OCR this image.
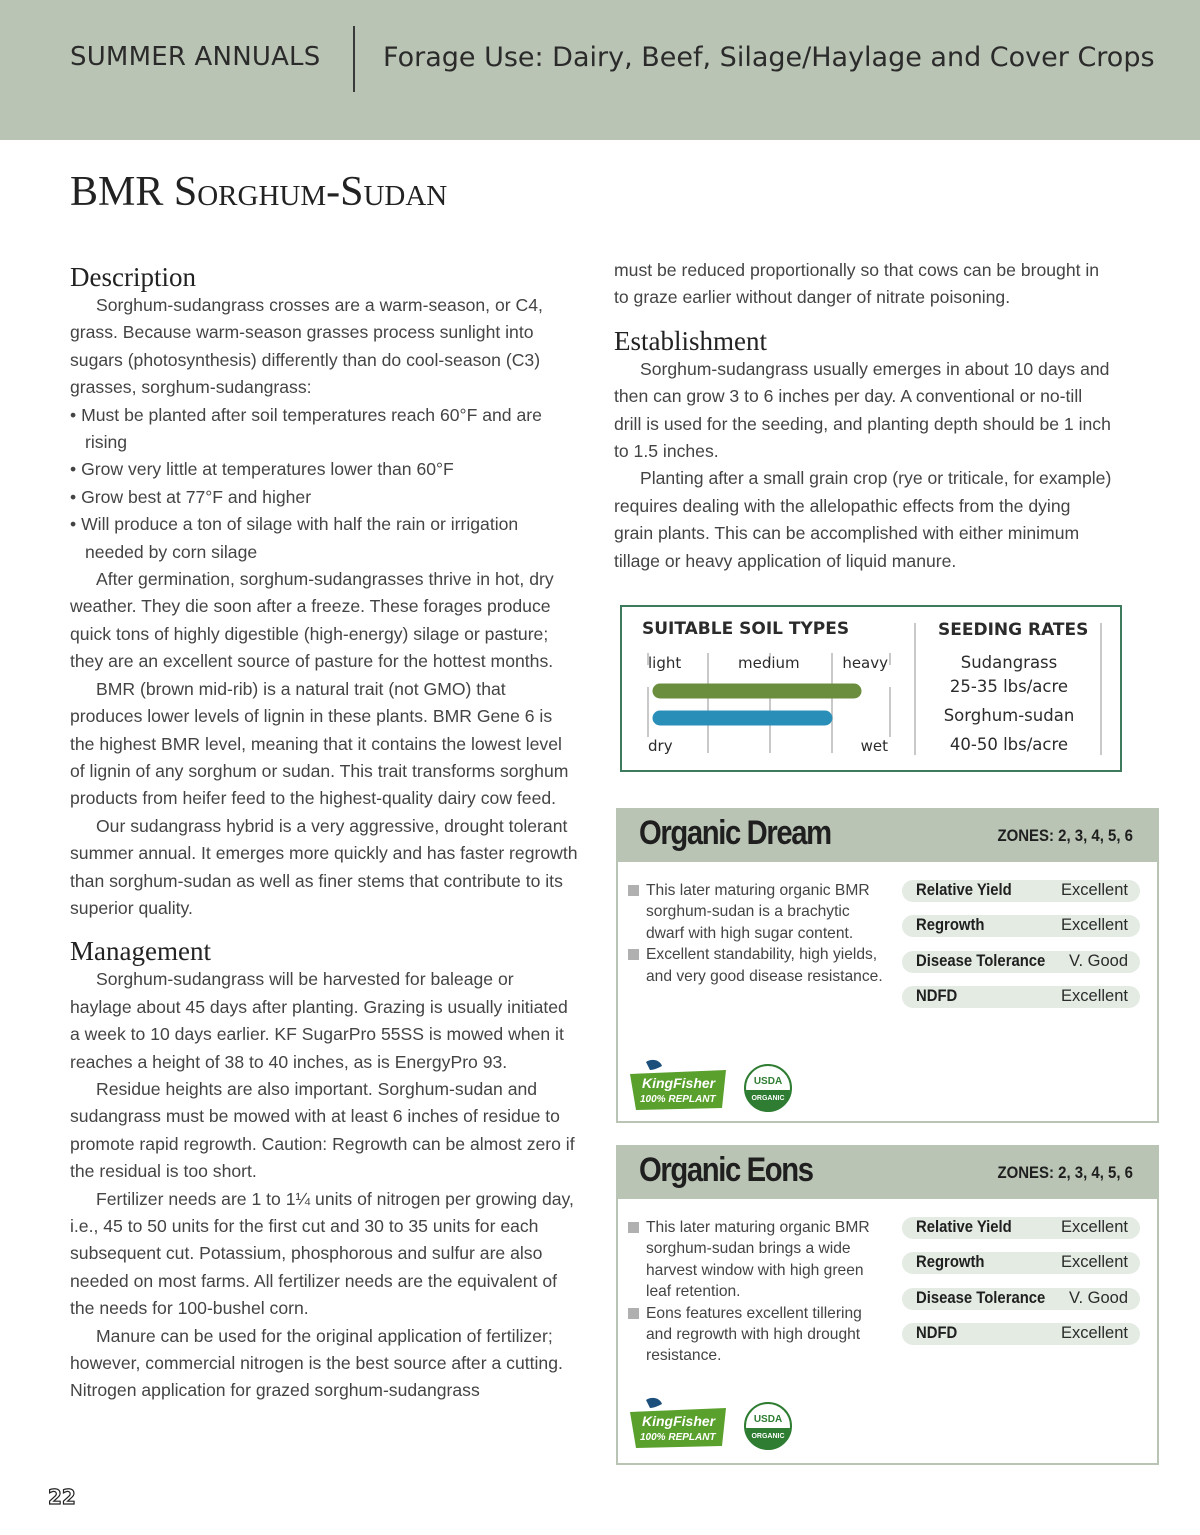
SUMMER ANNUALS Forage Use: Dairy, Beef, Silage/Haylage and Cover Crops
BMR Sorghum-Sudan
Description

Sorghum-sudangrass crosses are a warm-season, or C4, grass. Because warm-season grasses process sunlight into sugars (photosynthesis) differently than do cool-season (C3) grasses, sorghum-sudangrass:

• Must be planted after soil temperatures reach 60°F and are rising
• Grow very little at temperatures lower than 60°F
• Grow best at 77°F and higher
• Will produce a ton of silage with half the rain or irrigation needed by corn silage

After germination, sorghum-sudangrasses thrive in hot, dry weather. They die soon after a freeze. These forages produce quick tons of highly digestible (high-energy) silage or pasture; they are an excellent source of pasture for the hottest months.

BMR (brown mid-rib) is a natural trait (not GMO) that produces lower levels of lignin in these plants. BMR Gene 6 is the highest BMR level, meaning that it contains the lowest level of lignin of any sorghum or sudan. This trait transforms sorghum products from heifer feed to the highest-quality dairy cow feed.

Our sudangrass hybrid is a very aggressive, drought tolerant summer annual. It emerges more quickly and has faster regrowth than sorghum-sudan as well as finer stems that contribute to its superior quality.

Management

Sorghum-sudangrass will be harvested for baleage or haylage about 45 days after planting. Grazing is usually initiated a week to 10 days earlier. KF SugarPro 55SS is mowed when it reaches a height of 38 to 40 inches, as is EnergyPro 93.

Residue heights are also important. Sorghum-sudan and sudangrass must be mowed with at least 6 inches of residue to promote rapid regrowth. Caution: Regrowth can be almost zero if the residual is too short.

Fertilizer needs are 1 to 1¼ units of nitrogen per growing day, i.e., 45 to 50 units for the first cut and 30 to 35 units for each subsequent cut. Potassium, phosphorous and sulfur are also needed on most farms. All fertilizer needs are the equivalent of the needs for 100-bushel corn.

Manure can be used for the original application of fertilizer; however, commercial nitrogen is the best source after a cutting. Nitrogen application for grazed sorghum-sudangrass

must be reduced proportionally so that cows can be brought in to graze earlier without danger of nitrate poisoning.

Establishment

Sorghum-sudangrass usually emerges in about 10 days and then can grow 3 to 6 inches per day. A conventional or no-till drill is used for the seeding, and planting depth should be 1 inch to 1.5 inches.

Planting after a small grain crop (rye or triticale, for example) requires dealing with the allelopathic effects from the dying grain plants. This can be accomplished with either minimum tillage or heavy application of liquid manure.

SUITABLE SOIL TYPES	SEEDING RATES
light	medium	heavy
dry	wet
Sudangrass
25-35 lbs/acre
Sorghum-sudan
40-50 lbs/acre
Organic Dream	ZONES: 2, 3, 4, 5, 6
This later maturing organic BMR sorghum-sudan is a brachytic dwarf with high sugar content.
Excellent standability, high yields, and very good disease resistance.
Relative Yield	Excellent
Regrowth	Excellent
Disease Tolerance V. Good
NDFD	Excellent
KingFisher
100% REPLANT
USDA
ORGANIC
Organic Eons	ZONES: 2, 3, 4, 5, 6
This later maturing organic BMR sorghum-sudan brings a wide harvest window with high green leaf retention.
Eons features excellent tillering and regrowth with high drought resistance.
Relative Yield	Excellent
Regrowth	Excellent
Disease Tolerance V. Good
NDFD	Excellent
KingFisher
100% REPLANT
USDA
ORGANIC
22
